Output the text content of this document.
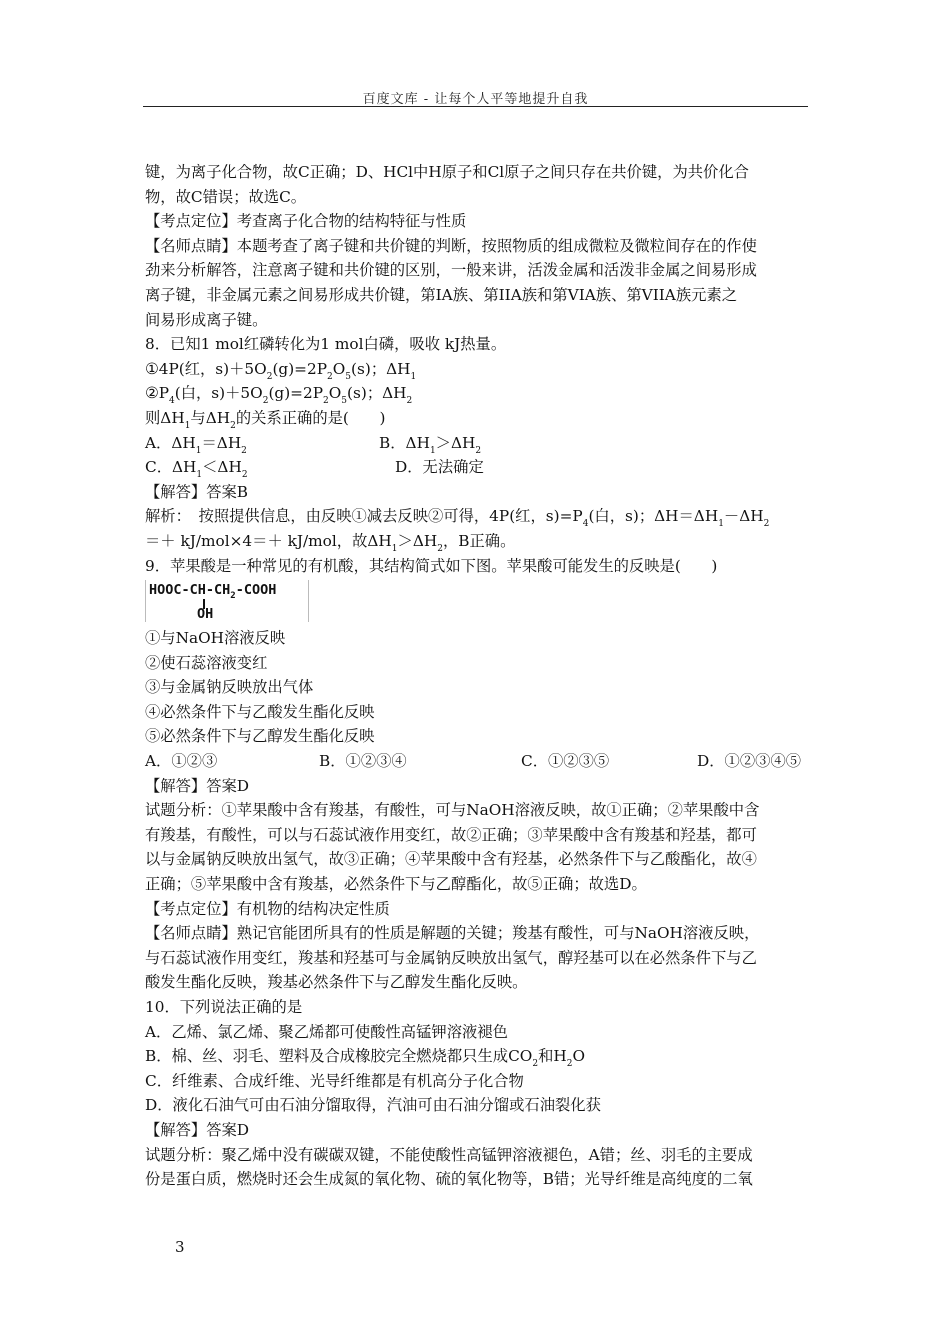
百度文库 - 让每个人平等地提升自我
键，为离子化合物，故C正确；D、HCl中H原子和Cl原子之间只存在共价键，为共价化合
物，故C错误；故选C。
【考点定位】考查离子化合物的结构特征与性质
【名师点睛】本题考查了离子键和共价键的判断，按照物质的组成微粒及微粒间存在的作使
劲来分析解答，注意离子键和共价键的区别，一般来讲，活泼金属和活泼非金属之间易形成
离子键，非金属元素之间易形成共价键，第IA族、第IIA族和第VIA族、第VIIA族元素之
间易形成离子键。
8．已知1 mol红磷转化为1 mol白磷，吸收 kJ热量。
①4P(红，$s)+5O_2(g)=2P_2O_5(s)$；$\Delta H_1$
$②P_4$(白，$s)+5O_2(g)=2P_2O_5(s)$；$\Delta H_2$
则$\Delta H_1$与$\Delta H_2$的关系正确的是(　　)
A．$\Delta H_1=\Delta H_2$	B．$\Delta H_1>\Delta H_2$
C．$\Delta H_1<\Delta H_2$	D．无法确定
【解答】答案B
解析：　按照提供信息，由反映①减去反映②可得，4P(红，$s)=P_4$(白，s)；$\Delta H=\Delta H_1-\Delta H_2$
＝＋ kJ/mol×4＝＋ kJ/mol，故$\Delta H_1>\Delta H_2$，B正确。
9．苹果酸是一种常见的有机酸，其结构简式如下图。苹果酸可能发生的反映是(　　)
HOOC-$CH-CH_2$-COOH
OH
①与NaOH溶液反映
②使石蕊溶液变红
③与金属钠反映放出气体
④必然条件下与乙酸发生酯化反映
⑤必然条件下与乙醇发生酯化反映
A．①②③	B．①②③④	C．①②③⑤	D．①②③④⑤
【解答】答案D
试题分析：①苹果酸中含有羧基，有酸性，可与NaOH溶液反映，故①正确；②苹果酸中含
有羧基，有酸性，可以与石蕊试液作用变红，故②正确；③苹果酸中含有羧基和羟基，都可
以与金属钠反映放出氢气，故③正确；④苹果酸中含有羟基，必然条件下与乙酸酯化，故④
正确；⑤苹果酸中含有羧基，必然条件下与乙醇酯化，故⑤正确；故选D。
【考点定位】有机物的结构决定性质
【名师点睛】熟记官能团所具有的性质是解题的关键；羧基有酸性，可与NaOH溶液反映，
与石蕊试液作用变红，羧基和羟基可与金属钠反映放出氢气，醇羟基可以在必然条件下与乙
酸发生酯化反映，羧基必然条件下与乙醇发生酯化反映。
10．下列说法正确的是
A．乙烯、氯乙烯、聚乙烯都可使酸性高锰钾溶液褪色
B．棉、丝、羽毛、塑料及合成橡胶完全燃烧都只生成$CO_2$和$H_2O$
C．纤维素、合成纤维、光导纤维都是有机高分子化合物
D．液化石油气可由石油分馏取得，汽油可由石油分馏或石油裂化获
【解答】答案D
试题分析：聚乙烯中没有碳碳双键，不能使酸性高锰钾溶液褪色，A错；丝、羽毛的主要成
份是蛋白质，燃烧时还会生成氮的氧化物、硫的氧化物等，B错；光导纤维是高纯度的二氧
3
